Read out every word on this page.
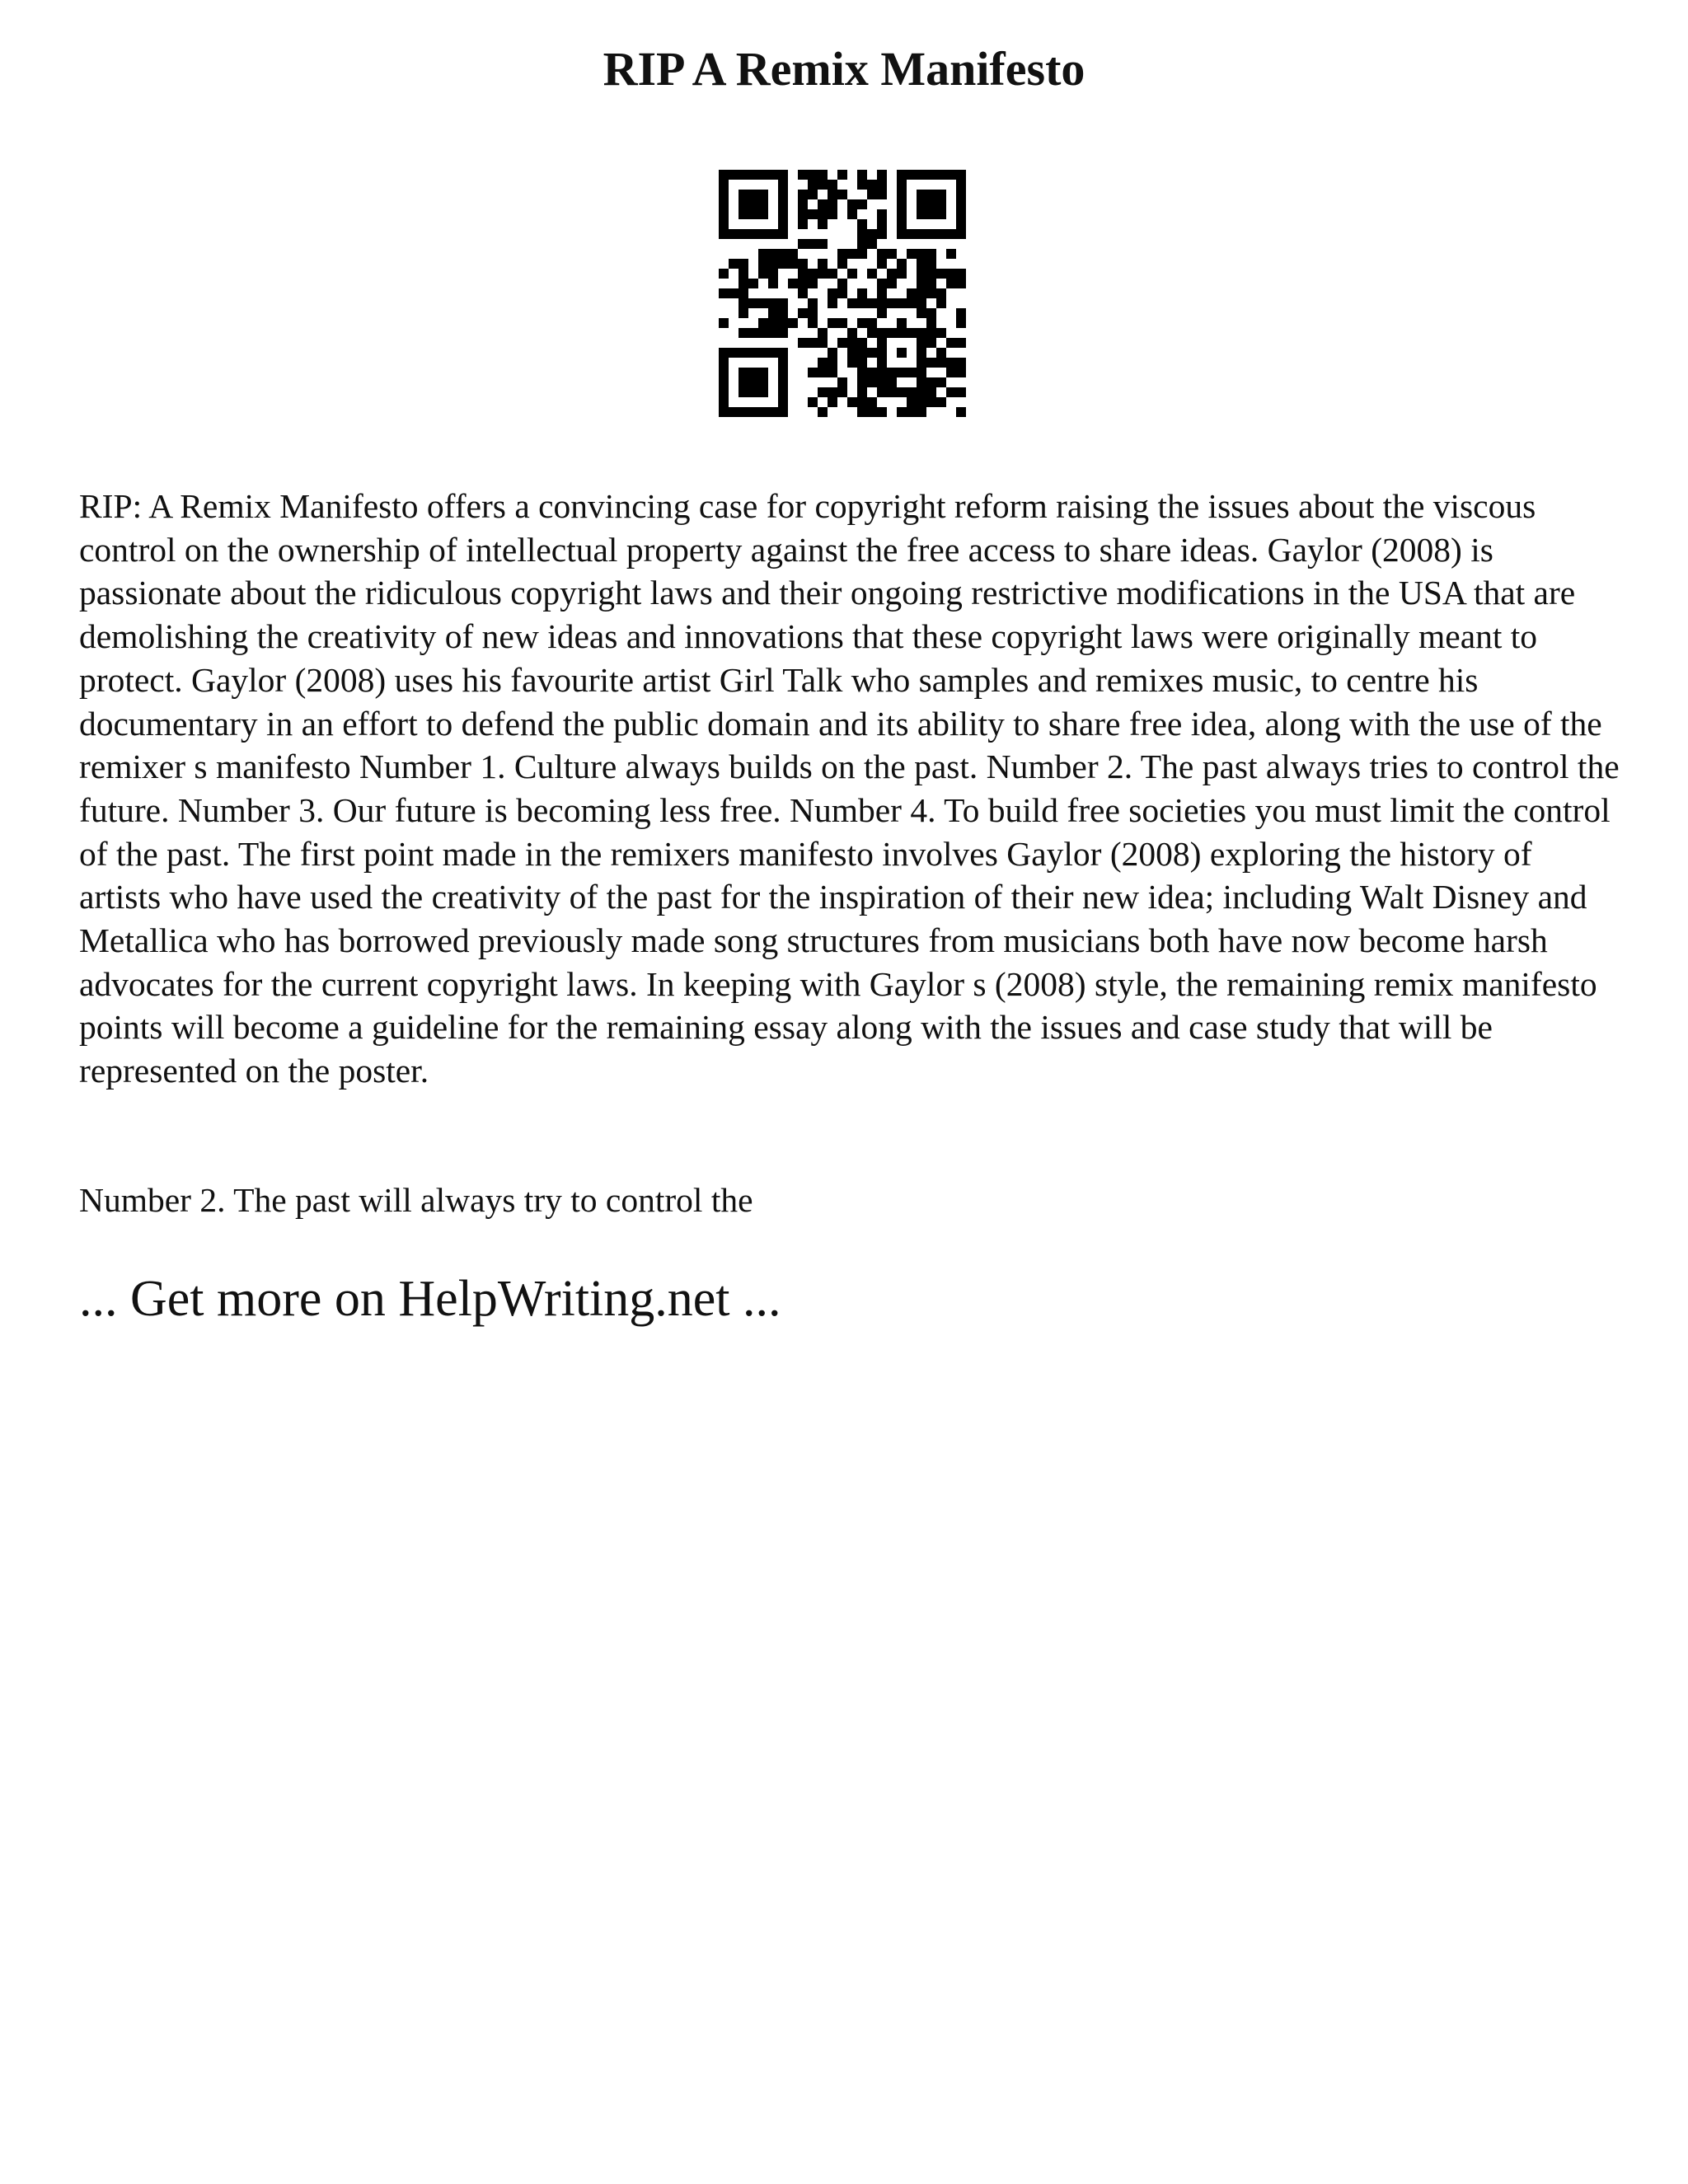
RIP A Remix Manifesto

RIP: A Remix Manifesto offers a convincing case for copyright reform raising the issues about the viscous control on the ownership of intellectual property against the free access to share ideas. Gaylor (2008) is passionate about the ridiculous copyright laws and their ongoing restrictive modifications in the USA that are demolishing the creativity of new ideas and innovations that these copyright laws were originally meant to protect. Gaylor (2008) uses his favourite artist Girl Talk who samples and remixes music, to centre his documentary in an effort to defend the public domain and its ability to share free idea, along with the use of the remixer s manifesto Number 1. Culture always builds on the past. Number 2. The past always tries to control the future. Number 3. Our future is becoming less free. Number 4. To build free societies you must limit the control of the past. The first point made in the remixers manifesto involves Gaylor (2008) exploring the history of artists who have used the creativity of the past for the inspiration of their new idea; including Walt Disney and Metallica who has borrowed previously made song structures from musicians both have now become harsh advocates for the current copyright laws. In keeping with Gaylor s (2008) style, the remaining remix manifesto points will become a guideline for the remaining essay along with the issues and case study that will be represented on the poster.

Number 2. The past will always try to control the

... Get more on HelpWriting.net ...
